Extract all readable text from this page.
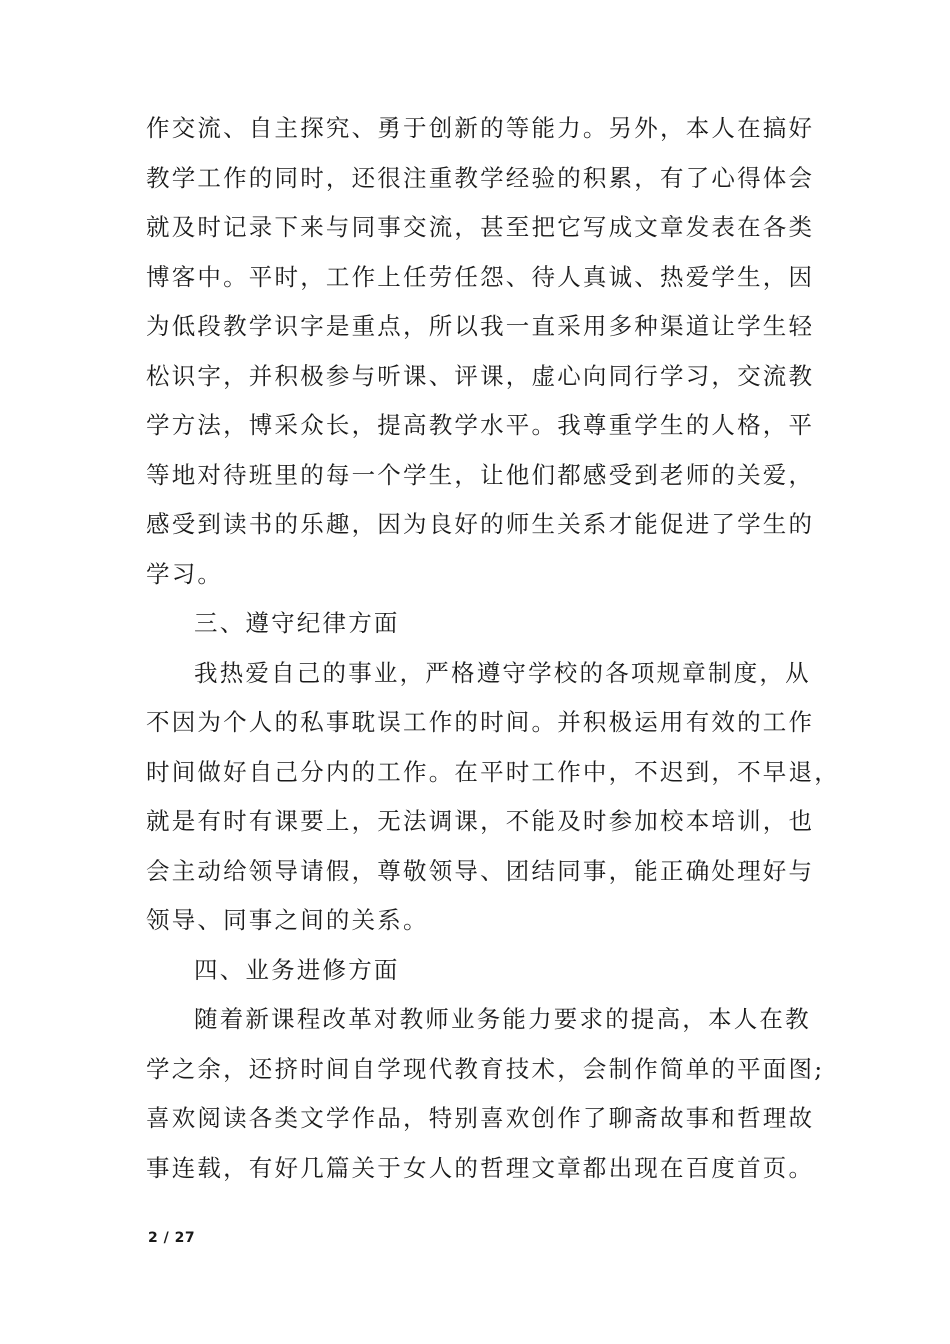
作交流、自主探究、勇于创新的等能力。另外，本人在搞好
教学工作的同时，还很注重教学经验的积累，有了心得体会
就及时记录下来与同事交流，甚至把它写成文章发表在各类
博客中。平时，工作上任劳任怨、待人真诚、热爱学生，因
为低段教学识字是重点，所以我一直采用多种渠道让学生轻
松识字，并积极参与听课、评课，虚心向同行学习，交流教
学方法，博采众长，提高教学水平。我尊重学生的人格，平
等地对待班里的每一个学生，让他们都感受到老师的关爱，
感受到读书的乐趣，因为良好的师生关系才能促进了学生的
学习。
三、遵守纪律方面
我热爱自己的事业，严格遵守学校的各项规章制度，从
不因为个人的私事耽误工作的时间。并积极运用有效的工作
时间做好自己分内的工作。在平时工作中，不迟到，不早退，
就是有时有课要上，无法调课，不能及时参加校本培训，也
会主动给领导请假，尊敬领导、团结同事，能正确处理好与
领导、同事之间的关系。
四、业务进修方面
随着新课程改革对教师业务能力要求的提高，本人在教
学之余，还挤时间自学现代教育技术，会制作简单的平面图;
喜欢阅读各类文学作品，特别喜欢创作了聊斋故事和哲理故
事连载，有好几篇关于女人的哲理文章都出现在百度首页。
2 / 27
